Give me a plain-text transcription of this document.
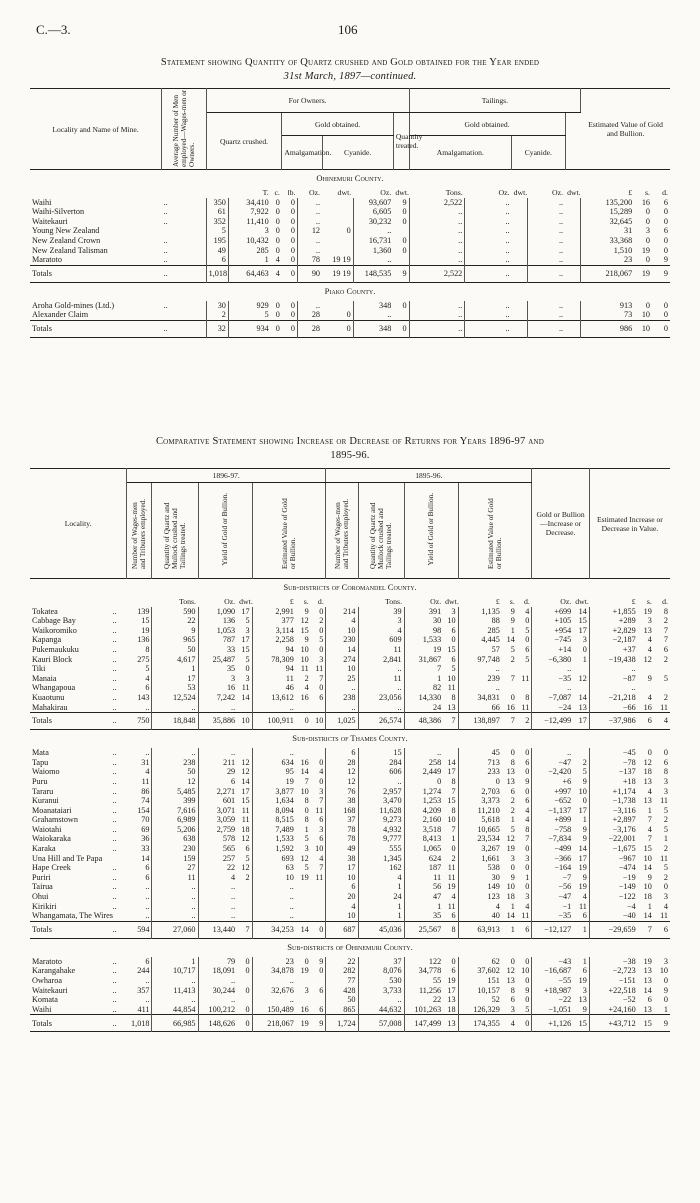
C.—3.	106
Statement showing Quantity of Quartz crushed and Gold obtained for the Year ended
31st March, 1897—continued.
Locality and Name of Mine.	Average Number of Men employed—Wages-men or Owners.	For Owners.								Tailings.					Estimated Value of Gold and Bullion.		
		Quartz crushed.			Gold obtained.				Quantity treated.	Gold obtained.							
					Amalgamation.		Cyanide.			Amalgamation.		Cyanide.					
Ohinemuri County.																	
			T.	c.	lb.	Oz.	dwt.	Oz.	dwt.	Tons.	Oz.	dwt.	Oz.	dwt.	£	s.	d.
Waihi	..	350	34,410	0	0	..		93,607	9	2,522	..		..		135,200	16	6
Waihi-Silverton	..	61	7,922	0	0	..		6,605	0	..	..		..		15,289	0	0
Waitekauri	..	352	11,410	0	0	..		30,232	0	..	..		..		32,645	0	0
Young New Zealand		5	3	0	0	12	0	..		..	..		..		31	3	6
New Zealand Crown	..	195	10,432	0	0	..		16,731	0	..	..		..		33,368	0	0
New Zealand Talisman	..	49	285	0	0	..		1,360	0	..	..		..		1,510	19	0
Maratoto	..	6	1	4	0	78	19 19	..		..	..		..		23	0	9
Totals	..	1,018	64,463	4	0	90	19 19	148,535	9	2,522	..		..		218,067	19	9
Piako County.																	
Aroha Gold-mines (Ltd.)	..	30	929	0	0	..		348	0	..	..		..		913	0	0
Alexander Claim		2	5	0	0	28	0	..		..	..		..		73	10	0
Totals	..	32	934	0	0	28	0	348	0	..	..		..		986	10	0
Comparative Statement showing Increase or Decrease of Returns for Years 1896-97 and
1895-96.
Locality.		1896-97.							1895-96.							Gold or Bullion—Increase or Decrease.		Estimated Increase or Decrease in Value.		
		Number of Wages-men and Tributers employed.	Quantity of Quartz and Mullock crushed and Tailings treated.	Yield of Gold or Bullion.		Estimated Value of Gold or Bullion.			Number of Wages-men and Tributers employed.	Quantity of Quartz and Mullock crushed and Tailings treated.	Yield of Gold or Bullion.		Estimated Value of Gold or Bullion.							
Sub-districts of Coromandel County.																				
			Tons.	Oz.	dwt.	£	s.	d.		Tons.	Oz.	dwt.	£	s.	d.	Oz.	dwt.	£	s.	d.
Tokatea	..	139	590	1,090	17	2,991	9	0	214	39	391	3	1,135	9	4	+699	14	+1,855	19	8
Cabbage Bay	..	15	22	136	5	377	12	2	4	3	30	10	88	9	0	+105	15	+289	3	2
Waikoromiko	..	19	9	1,053	3	3,114	15	0	10	4	98	6	285	1	5	+954	17	+2,829	13	7
Kapanga	..	136	965	787	17	2,258	9	5	230	609	1,533	0	4,445	14	0	−745	3	−2,187	4	7
Pukemaukuku	..	8	50	33	15	94	10	0	14	11	19	15	57	5	6	+14	0	+37	4	6
Kauri Block	..	275	4,617	25,487	5	78,309	10	3	274	2,841	31,867	6	97,748	2	5	−6,380	1	−19,438	12	2
Tiki	..	5	1	35	0	94	11	11	10	..	7	5	..			..		..		
Manaia	..	4	17	3	3	11	2	7	25	11	1	10	239	7	11	−35	12	−87	9	5
Whangapoua	..	6	53	16	11	46	4	0	..	..	82	11	..			..		..		
Kuaotunu	..	143	12,524	7,242	14	13,612	16	6	238	23,056	14,330	8	34,831	0	8	−7,087	14	−21,218	4	2
Mahakirau	..	..	..	..		..			..	..	24	13	66	16	11	−24	13	−66	16	11
Totals	..	750	18,848	35,886	10	100,911	0	10	1,025	26,574	48,386	7	138,897	7	2	−12,499	17	−37,986	6	4
Sub-districts of Thames County.																				
Mata	..	..	..	..		..			6	15	..		45	0	0	..		−45	0	0
Tapu	..	31	238	211	12	634	16	0	28	284	258	14	713	8	6	−47	2	−78	12	6
Waiomo	..	4	50	29	12	95	14	4	12	606	2,449	17	233	13	0	−2,420	5	−137	18	8
Puru	..	11	12	6	14	19	7	0	12	..	0	8	0	13	9	+6	9	+18	13	3
Tararu	..	86	5,485	2,271	17	3,877	10	3	76	2,957	1,274	7	2,703	6	0	+997	10	+1,174	4	3
Kuranui	..	74	399	601	15	1,634	8	7	38	3,470	1,253	15	3,373	2	6	−652	0	−1,738	13	11
Moanataiari	..	154	7,616	3,071	11	8,094	0	11	168	11,628	4,209	8	11,210	2	4	−1,137	17	−3,116	1	5
Grahamstown	..	70	6,989	3,059	11	8,515	8	6	37	9,273	2,160	10	5,618	1	4	+899	1	+2,897	7	2
Waiotahi	..	69	5,206	2,759	18	7,489	1	3	78	4,932	3,518	7	10,665	5	8	−758	9	−3,176	4	5
Waiokaraka	..	36	638	578	12	1,533	5	6	78	9,777	8,413	1	23,534	12	7	−7,834	9	−22,001	7	1
Karaka	..	33	230	565	6	1,592	3	10	49	555	1,065	0	3,267	19	0	−499	14	−1,675	15	2
Una Hill and Te Papa		14	159	257	5	693	12	4	38	1,345	624	2	1,661	3	3	−366	17	−967	10	11
Hape Creek	..	6	27	22	12	63	5	7	17	162	187	11	538	0	0	−164	19	−474	14	5
Puriri	..	6	11	4	2	10	19	11	10	4	11	11	30	9	1	−7	9	−19	9	2
Tairua	..	..	..	..		..			6	1	56	19	149	10	0	−56	19	−149	10	0
Ohui	..	..	..	..		..			20	24	47	4	123	18	3	−47	4	−122	18	3
Kirikiri	..	..	..	..		..			4	1	1	11	4	1	4	−1	11	−4	1	4
Whangamata, The Wires		..	..	..		..			10	1	35	6	40	14	11	−35	6	−40	14	11
Totals	..	594	27,060	13,440	7	34,253	14	0	687	45,036	25,567	8	63,913	1	6	−12,127	1	−29,659	7	6
Sub-districts of Ohinemuri County.																				
Maratoto	..	6	1	79	0	23	0	9	22	37	122	0	62	0	0	−43	1	−38	19	3
Karangahake	..	244	10,717	18,091	0	34,878	19	0	282	8,076	34,778	6	37,602	12	10	−16,687	6	−2,723	13	10
Owharoa	..	..	..	..		..			77	530	55	19	151	13	0	−55	19	−151	13	0
Waitekauri	..	357	11,413	30,244	0	32,676	3	6	428	3,733	11,256	17	10,157	8	9	+18,987	3	+22,518	14	9
Komata	..	..	..	..		..			50	..	22	13	52	6	0	−22	13	−52	6	0
Waihi	..	411	44,854	100,212	0	150,489	16	6	865	44,632	101,263	18	126,329	3	5	−1,051	9	+24,160	13	1
Totals	..	1,018	66,985	148,626	0	218,067	19	9	1,724	57,008	147,499	13	174,355	4	0	+1,126	15	+43,712	15	9
